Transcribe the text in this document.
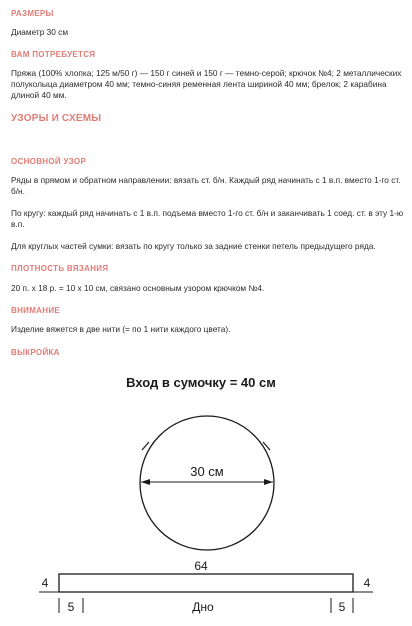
РАЗМЕРЫ
Диаметр 30 см
ВАМ ПОТРЕБУЕТСЯ
Пряжа (100% хлопка; 125 м/50 г) — 150 г синей и 150 г — темно-серой; крючок №4; 2 металлических полуколыца диаметром 40 мм; темно-синяя ременная лента шириной 40 мм; брелок; 2 карабина длиной 40 мм.
УЗОРЫ И СХЕМЫ
ОСНОВНОЙ УЗОР
Ряды в прямом и обратном направлении: вязать ст. б/н. Каждый ряд начинать с 1 в.п. вместо 1-го ст. б/н.
По кругу: каждый ряд начинать с 1 в.п. подъема вместо 1-го ст. б/н и заканчивать 1 соед. ст. в эту 1-ю в.п.
Для круглых частей сумки: вязать по кругу только за задние стенки петель предыдущего ряда.
ПЛОТНОСТЬ ВЯЗАНИЯ
20 п. x 18 р. = 10 x 10 см, связано основным узором крючком №4.
ВНИМАНИЕ
Изделие вяжется в две нити (= по 1 нити каждого цвета).
ВЫКРОЙКА
Вход в сумочку = 40 см
30 см
64
4	4
5	5
Дно
